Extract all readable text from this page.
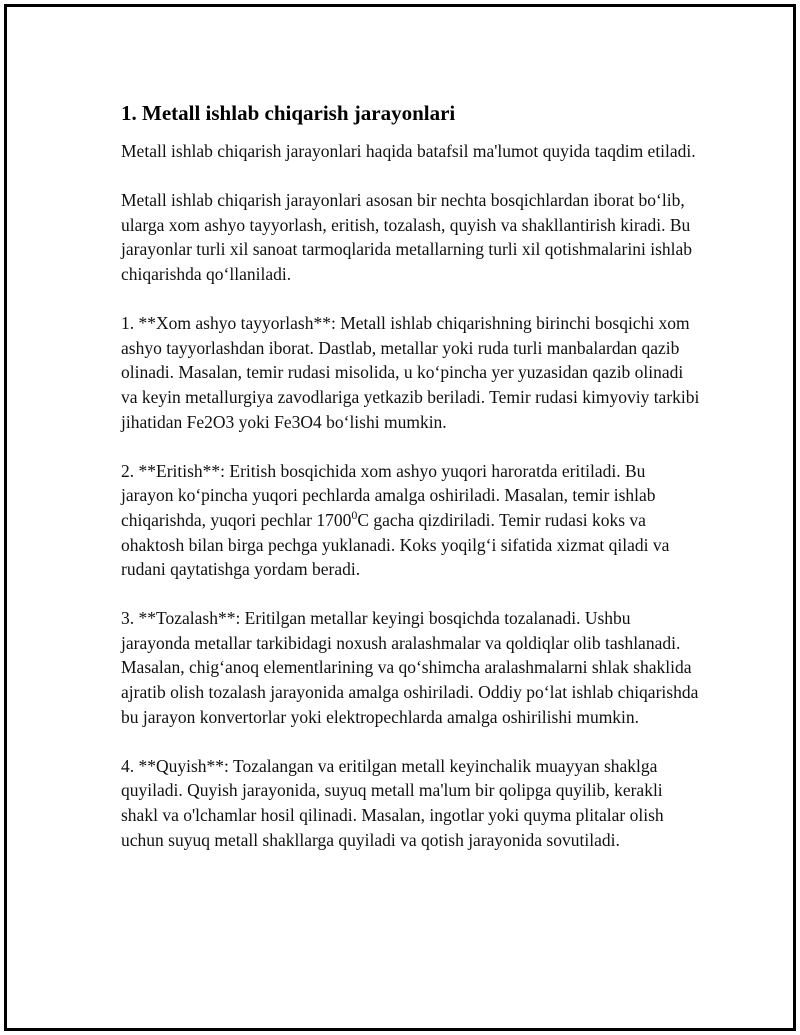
1. Metall ishlab chiqarish jarayonlari

Metall ishlab chiqarish jarayonlari haqida batafsil ma'lumot quyida taqdim etiladi.

Metall ishlab chiqarish jarayonlari asosan bir nechta bosqichlardan iborat bo‘lib, ularga xom ashyo tayyorlash, eritish, tozalash, quyish va shakllantirish kiradi. Bu jarayonlar turli xil sanoat tarmoqlarida metallarning turli xil qotishmalarini ishlab chiqarishda qo‘llaniladi.

1. **Xom ashyo tayyorlash**: Metall ishlab chiqarishning birinchi bosqichi xom ashyo tayyorlashdan iborat. Dastlab, metallar yoki ruda turli manbalardan qazib olinadi. Masalan, temir rudasi misolida, u ko‘pincha yer yuzasidan qazib olinadi va keyin metallurgiya zavodlariga yetkazib beriladi. Temir rudasi kimyoviy tarkibi jihatidan Fe2O3 yoki Fe3O4 bo‘lishi mumkin.

2. **Eritish**: Eritish bosqichida xom ashyo yuqori haroratda eritiladi. Bu jarayon ko‘pincha yuqori pechlarda amalga oshiriladi. Masalan, temir ishlab chiqarishda, yuqori pechlar 1700$^0$C gacha qizdiriladi. Temir rudasi koks va ohaktosh bilan birga pechga yuklanadi. Koks yoqilg‘i sifatida xizmat qiladi va rudani qaytatishga yordam beradi.

3. **Tozalash**: Eritilgan metallar keyingi bosqichda tozalanadi. Ushbu jarayonda metallar tarkibidagi noxush aralashmalar va qoldiqlar olib tashlanadi. Masalan, chig‘anoq elementlarining va qo‘shimcha aralashmalarni shlak shaklida ajratib olish tozalash jarayonida amalga oshiriladi. Oddiy po‘lat ishlab chiqarishda bu jarayon konvertorlar yoki elektropechlarda amalga oshirilishi mumkin.

4. **Quyish**: Tozalangan va eritilgan metall keyinchalik muayyan shaklga quyiladi. Quyish jarayonida, suyuq metall ma'lum bir qolipga quyilib, kerakli shakl va o'lchamlar hosil qilinadi. Masalan, ingotlar yoki quyma plitalar olish uchun suyuq metall shakllarga quyiladi va qotish jarayonida sovutiladi.
